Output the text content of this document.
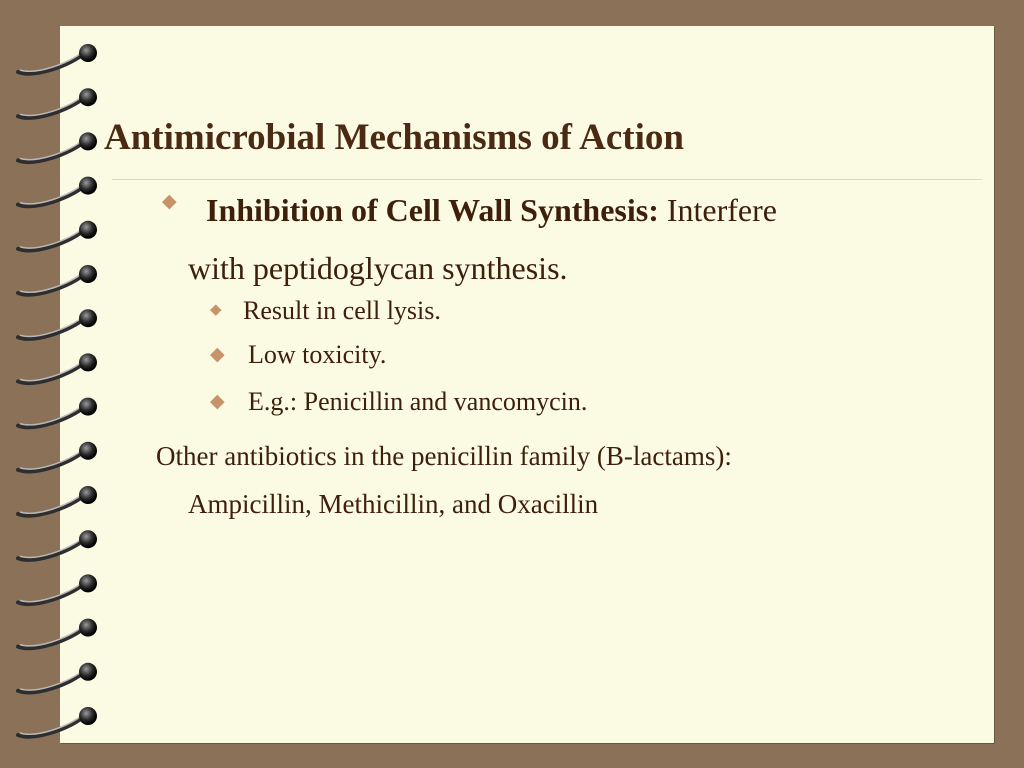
Antimicrobial Mechanisms of Action
◆ Inhibition of Cell Wall Synthesis: Interfere
with peptidoglycan synthesis.
◆ Result in cell lysis.
◆ Low toxicity.
◆ E.g.: Penicillin and vancomycin.
Other antibiotics in the penicillin family (B-lactams):
Ampicillin, Methicillin, and Oxacillin
